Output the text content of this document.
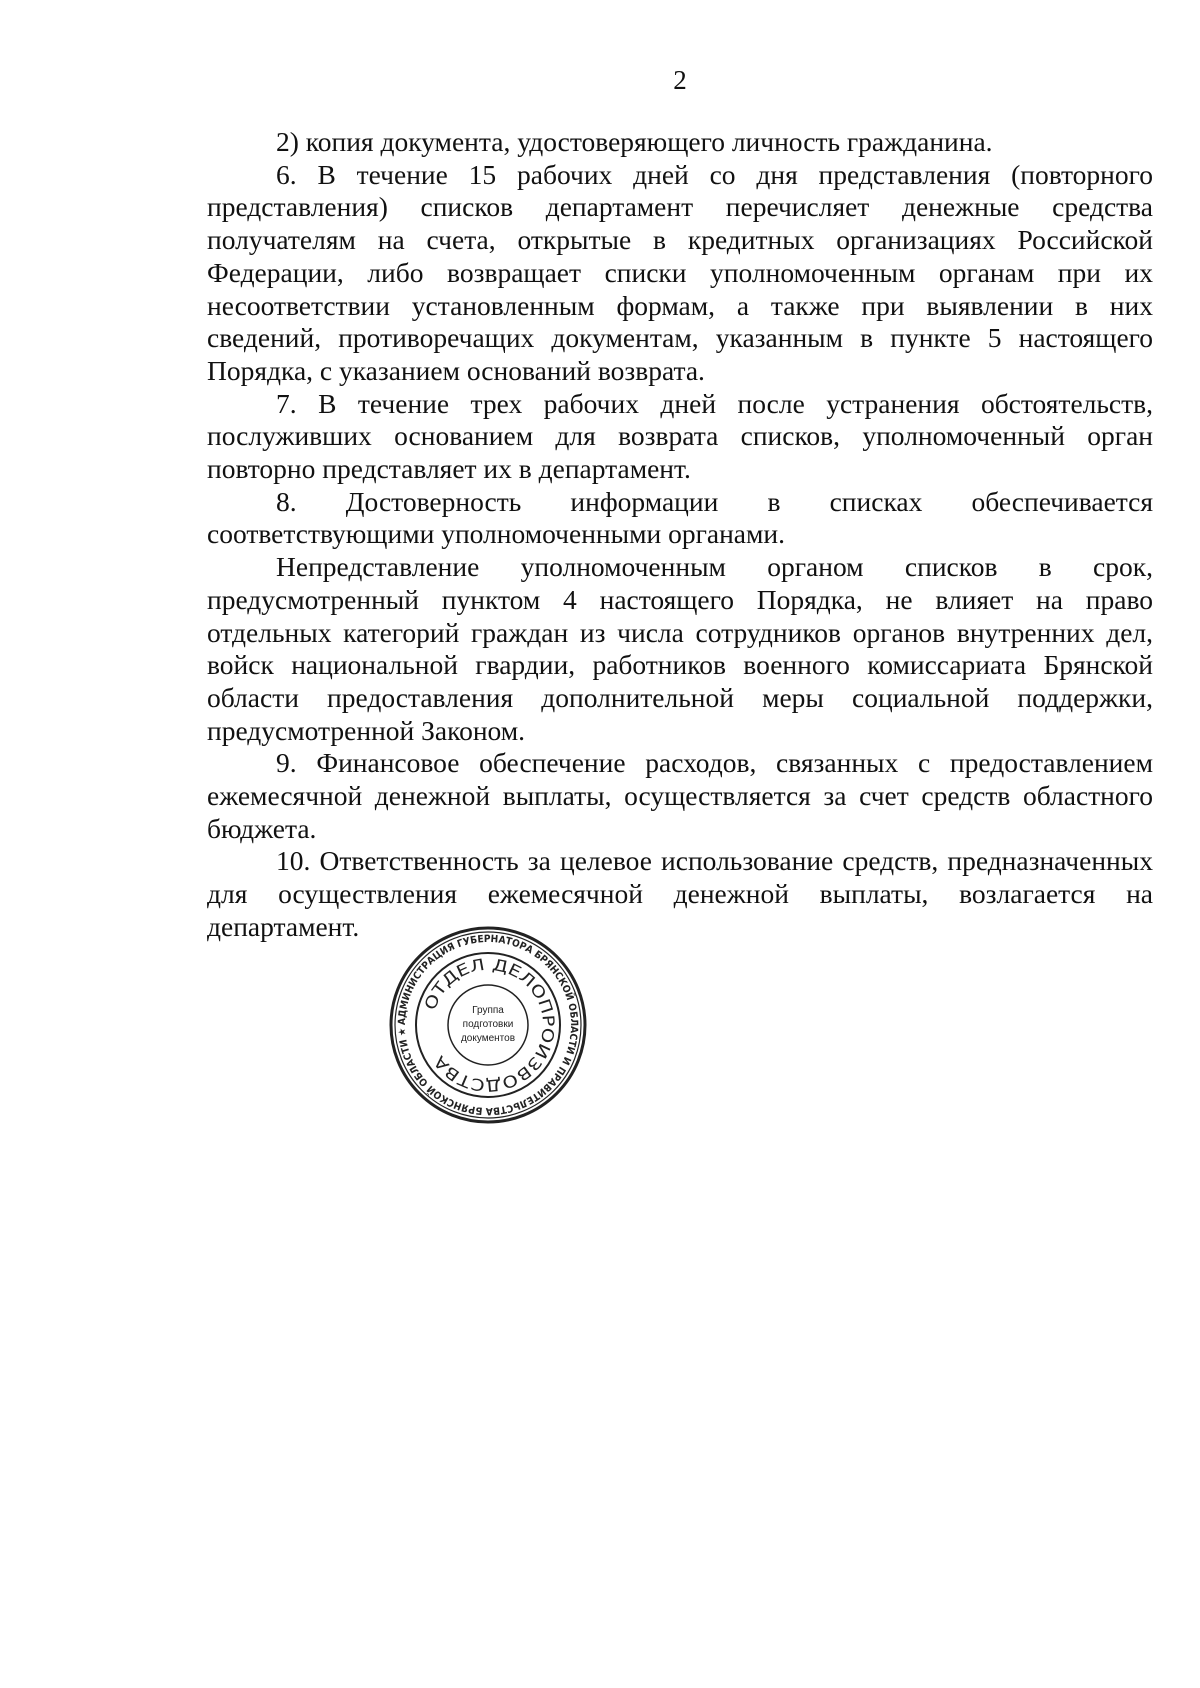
2

2) копия документа, удостоверяющего личность гражданина.

6. В течение 15 рабочих дней со дня представления (повторного представления) списков департамент перечисляет денежные средства получателям на счета, открытые в кредитных организациях Российской Федерации, либо возвращает списки уполномоченным органам при их несоответствии установленным формам, а также при выявлении в них сведений, противоречащих документам, указанным в пункте 5 настоящего Порядка, с указанием оснований возврата.

7. В течение трех рабочих дней после устранения обстоятельств, послуживших основанием для возврата списков, уполномоченный орган повторно представляет их в департамент.

8. Достоверность информации в списках обеспечивается соответствующими уполномоченными органами.

Непредставление уполномоченным органом списков в срок, предусмотренный пунктом 4 настоящего Порядка, не влияет на право отдельных категорий граждан из числа сотрудников органов внутренних дел, войск национальной гвардии, работников военного комиссариата Брянской области предоставления дополнительной меры социальной поддержки, предусмотренной Законом.

9. Финансовое обеспечение расходов, связанных с предоставлением ежемесячной денежной выплаты, осуществляется за счет средств областного бюджета.

10. Ответственность за целевое использование средств, предназначенных для осуществления ежемесячной денежной выплаты, возлагается на департамент.

АДМИНИСТРАЦИЯ ГУБЕРНАТОРА БРЯНСКОЙ ОБЛАСТИ И ПРАВИТЕЛЬСТВА БРЯНСКОЙ ОБЛАСТИ ★
ОТДЕЛ ДЕЛОПРОИЗВОДСТВА
Группа
подготовки
документов
